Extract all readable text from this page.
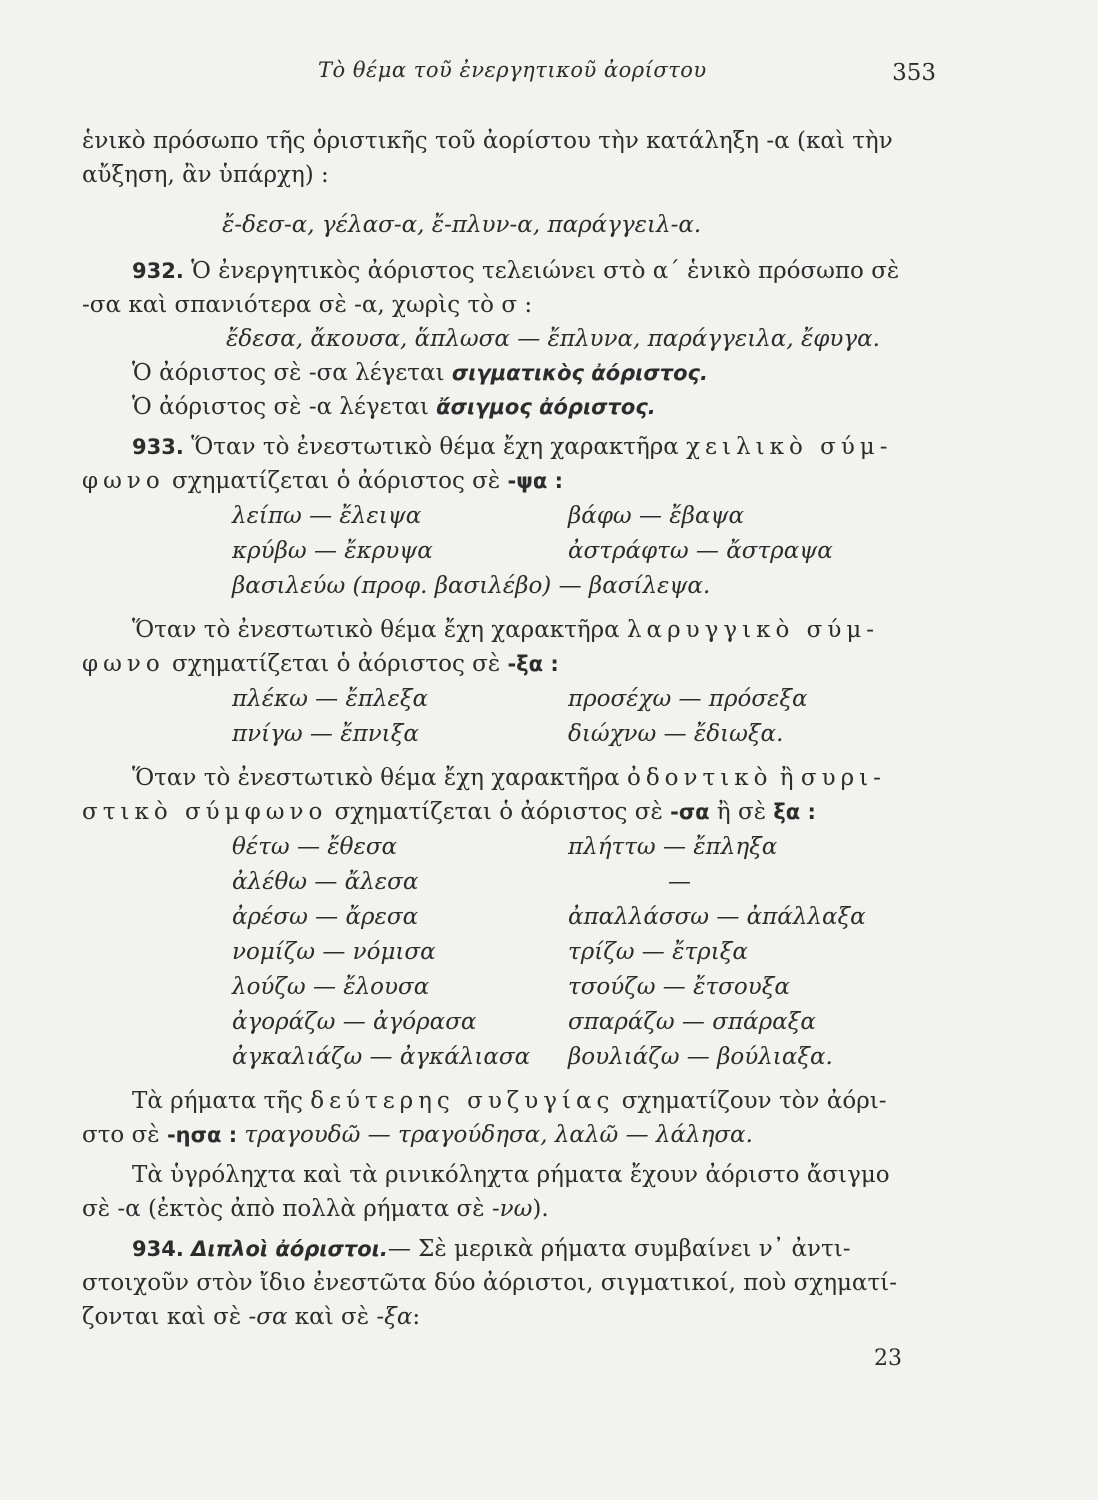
Τὸ θέμα τοῦ ἐνεργητικοῦ ἀορίστου	353

ἑνικὸ πρόσωπο τῆς ὁριστικῆς τοῦ ἀορίστου τὴν κατάληξη -α (καὶ τὴν
αὔξηση, ἂν ὑπάρχη) :

ἔ-δεσ-α, γέλασ-α, ἔ-πλυν-α, παράγγειλ-α.

932. Ὁ ἐνεργητικὸς ἀόριστος τελειώνει στὸ α΄ ἑνικὸ πρόσωπο σὲ
-σα καὶ σπανιότερα σὲ -α, χωρὶς τὸ σ :

ἔδεσα, ἄκουσα, ἅπλωσα — ἔπλυνα, παράγγειλα, ἔφυγα.

Ὁ ἀόριστος σὲ -σα λέγεται σιγματικὸς ἀόριστος.

Ὁ ἀόριστος σὲ -α λέγεται ἄσιγμος ἀόριστος.

933. Ὅταν τὸ ἐνεστωτικὸ θέμα ἔχη χαρακτῆρα χειλικὸ σύμ-
φωνο σχηματίζεται ὁ ἀόριστος σὲ -ψα :

λείπω — ἔλειψα	βάφω — ἔβαψα
κρύβω — ἔκρυψα	ἀστράφτω — ἄστραψα
βασιλεύω (προφ. βασιλέβο) — βασίλεψα.

Ὅταν τὸ ἐνεστωτικὸ θέμα ἔχη χαρακτῆρα λαρυγγικὸ σύμ-
φωνο σχηματίζεται ὁ ἀόριστος σὲ -ξα :

πλέκω — ἔπλεξα	προσέχω — πρόσεξα
πνίγω — ἔπνιξα	διώχνω — ἔδιωξα.

Ὅταν τὸ ἐνεστωτικὸ θέμα ἔχη χαρακτῆρα ὀδοντικὸ ἢ συρι-
στικὸ σύμφωνο σχηματίζεται ὁ ἀόριστος σὲ -σα ἢ σὲ ξα :

θέτω — ἔθεσα	πλήττω — ἔπληξα
ἀλέθω — ἄλεσα	—
ἀρέσω — ἄρεσα	ἀπαλλάσσω — ἀπάλλαξα
νομίζω — νόμισα	τρίζω — ἔτριξα
λούζω — ἔλουσα	τσούζω — ἔτσουξα
ἀγοράζω — ἀγόρασα	σπαράζω — σπάραξα
ἀγκαλιάζω — ἀγκάλιασα	βουλιάζω — βούλιαξα.

Τὰ ρήματα τῆς δεύτερης συζυγίας σχηματίζουν τὸν ἀόρι-
στο σὲ -ησα : τραγουδῶ — τραγούδησα, λαλῶ — λάλησα.

Τὰ ὑγρόληχτα καὶ τὰ ρινικόληχτα ρήματα ἔχουν ἀόριστο ἄσιγμο
σὲ -α (ἐκτὸς ἀπὸ πολλὰ ρήματα σὲ -νω).

934. Διπλοὶ ἀόριστοι.— Σὲ μερικὰ ρήματα συμβαίνει ν᾽ ἀντι-
στοιχοῦν στὸν ἴδιο ἐνεστῶτα δύο ἀόριστοι, σιγματικοί, ποὺ σχηματί-
ζονται καὶ σὲ -σα καὶ σὲ -ξα:

23
